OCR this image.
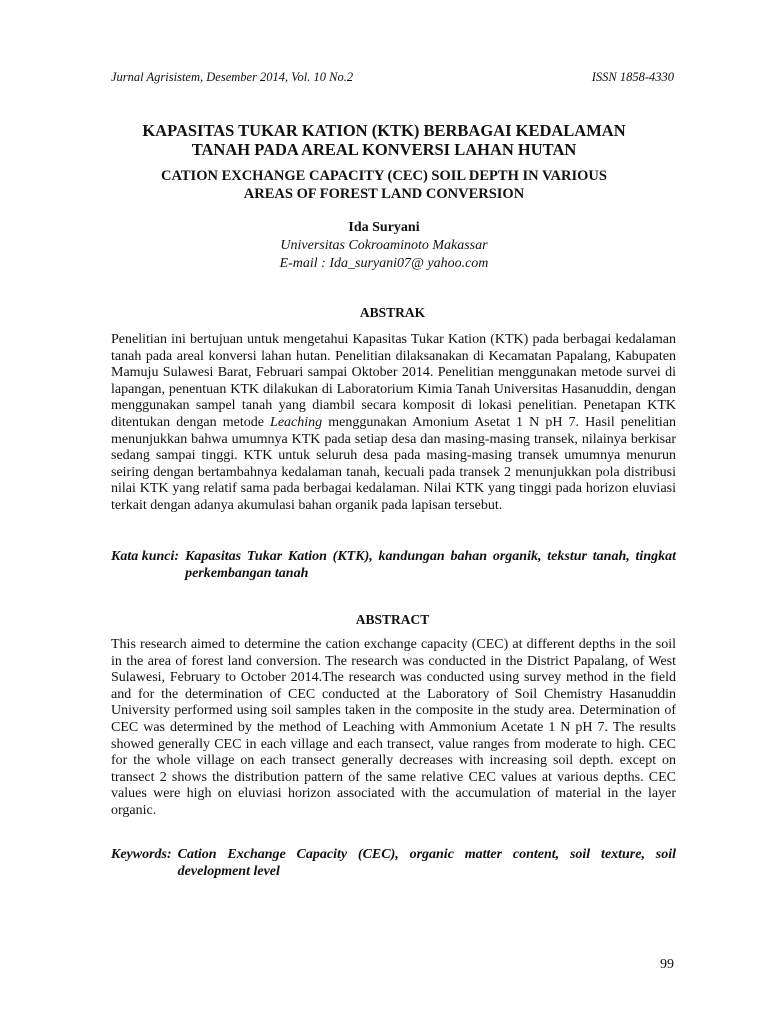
Jurnal Agrisistem, Desember 2014, Vol. 10 No.2	ISSN 1858-4330

KAPASITAS TUKAR KATION (KTK) BERBAGAI KEDALAMAN
TANAH PADA AREAL KONVERSI LAHAN HUTAN

CATION EXCHANGE CAPACITY (CEC) SOIL DEPTH IN VARIOUS
AREAS OF FOREST LAND CONVERSION

Ida Suryani
Universitas Cokroaminoto Makassar
E-mail : Ida_suryani07@ yahoo.com
ABSTRAK

Penelitian ini bertujuan untuk mengetahui Kapasitas Tukar Kation (KTK) pada berbagai kedalaman tanah pada areal konversi lahan hutan. Penelitian dilaksanakan di Kecamatan Papalang, Kabupaten Mamuju Sulawesi Barat, Februari sampai Oktober 2014. Penelitian menggunakan metode survei di lapangan, penentuan KTK dilakukan di Laboratorium Kimia Tanah Universitas Hasanuddin, dengan menggunakan sampel tanah yang diambil secara komposit di lokasi penelitian. Penetapan KTK ditentukan dengan metode Leaching menggunakan Amonium Asetat 1 N pH 7. Hasil penelitian menunjukkan bahwa umumnya KTK pada setiap desa dan masing-masing transek, nilainya berkisar sedang sampai tinggi. KTK untuk seluruh desa pada masing-masing transek umumnya menurun seiring dengan bertambahnya kedalaman tanah, kecuali pada transek 2 menunjukkan pola distribusi nilai KTK yang relatif sama pada berbagai kedalaman. Nilai KTK yang tinggi pada horizon eluviasi terkait dengan adanya akumulasi bahan organik pada lapisan tersebut.

Kata kunci: Kapasitas Tukar Kation (KTK), kandungan bahan organik, tekstur tanah, tingkat perkembangan tanah
ABSTRACT

This research aimed to determine the cation exchange capacity (CEC) at different depths in the soil in the area of forest land conversion. The research was conducted in the District Papalang, of West Sulawesi, February to October 2014.The research was conducted using survey method in the field and for the determination of CEC conducted at the Laboratory of Soil Chemistry Hasanuddin University performed using soil samples taken in the composite in the study area. Determination of CEC was determined by the method of Leaching with Ammonium Acetate 1 N pH 7. The results showed generally CEC in each village and each transect, value ranges from moderate to high. CEC for the whole village on each transect generally decreases with increasing soil depth. except on transect 2 shows the distribution pattern of the same relative CEC values at various depths. CEC values were high on eluviasi horizon associated with the accumulation of material in the layer organic.

Keywords: Cation Exchange Capacity (CEC), organic matter content, soil texture, soil development level
99
